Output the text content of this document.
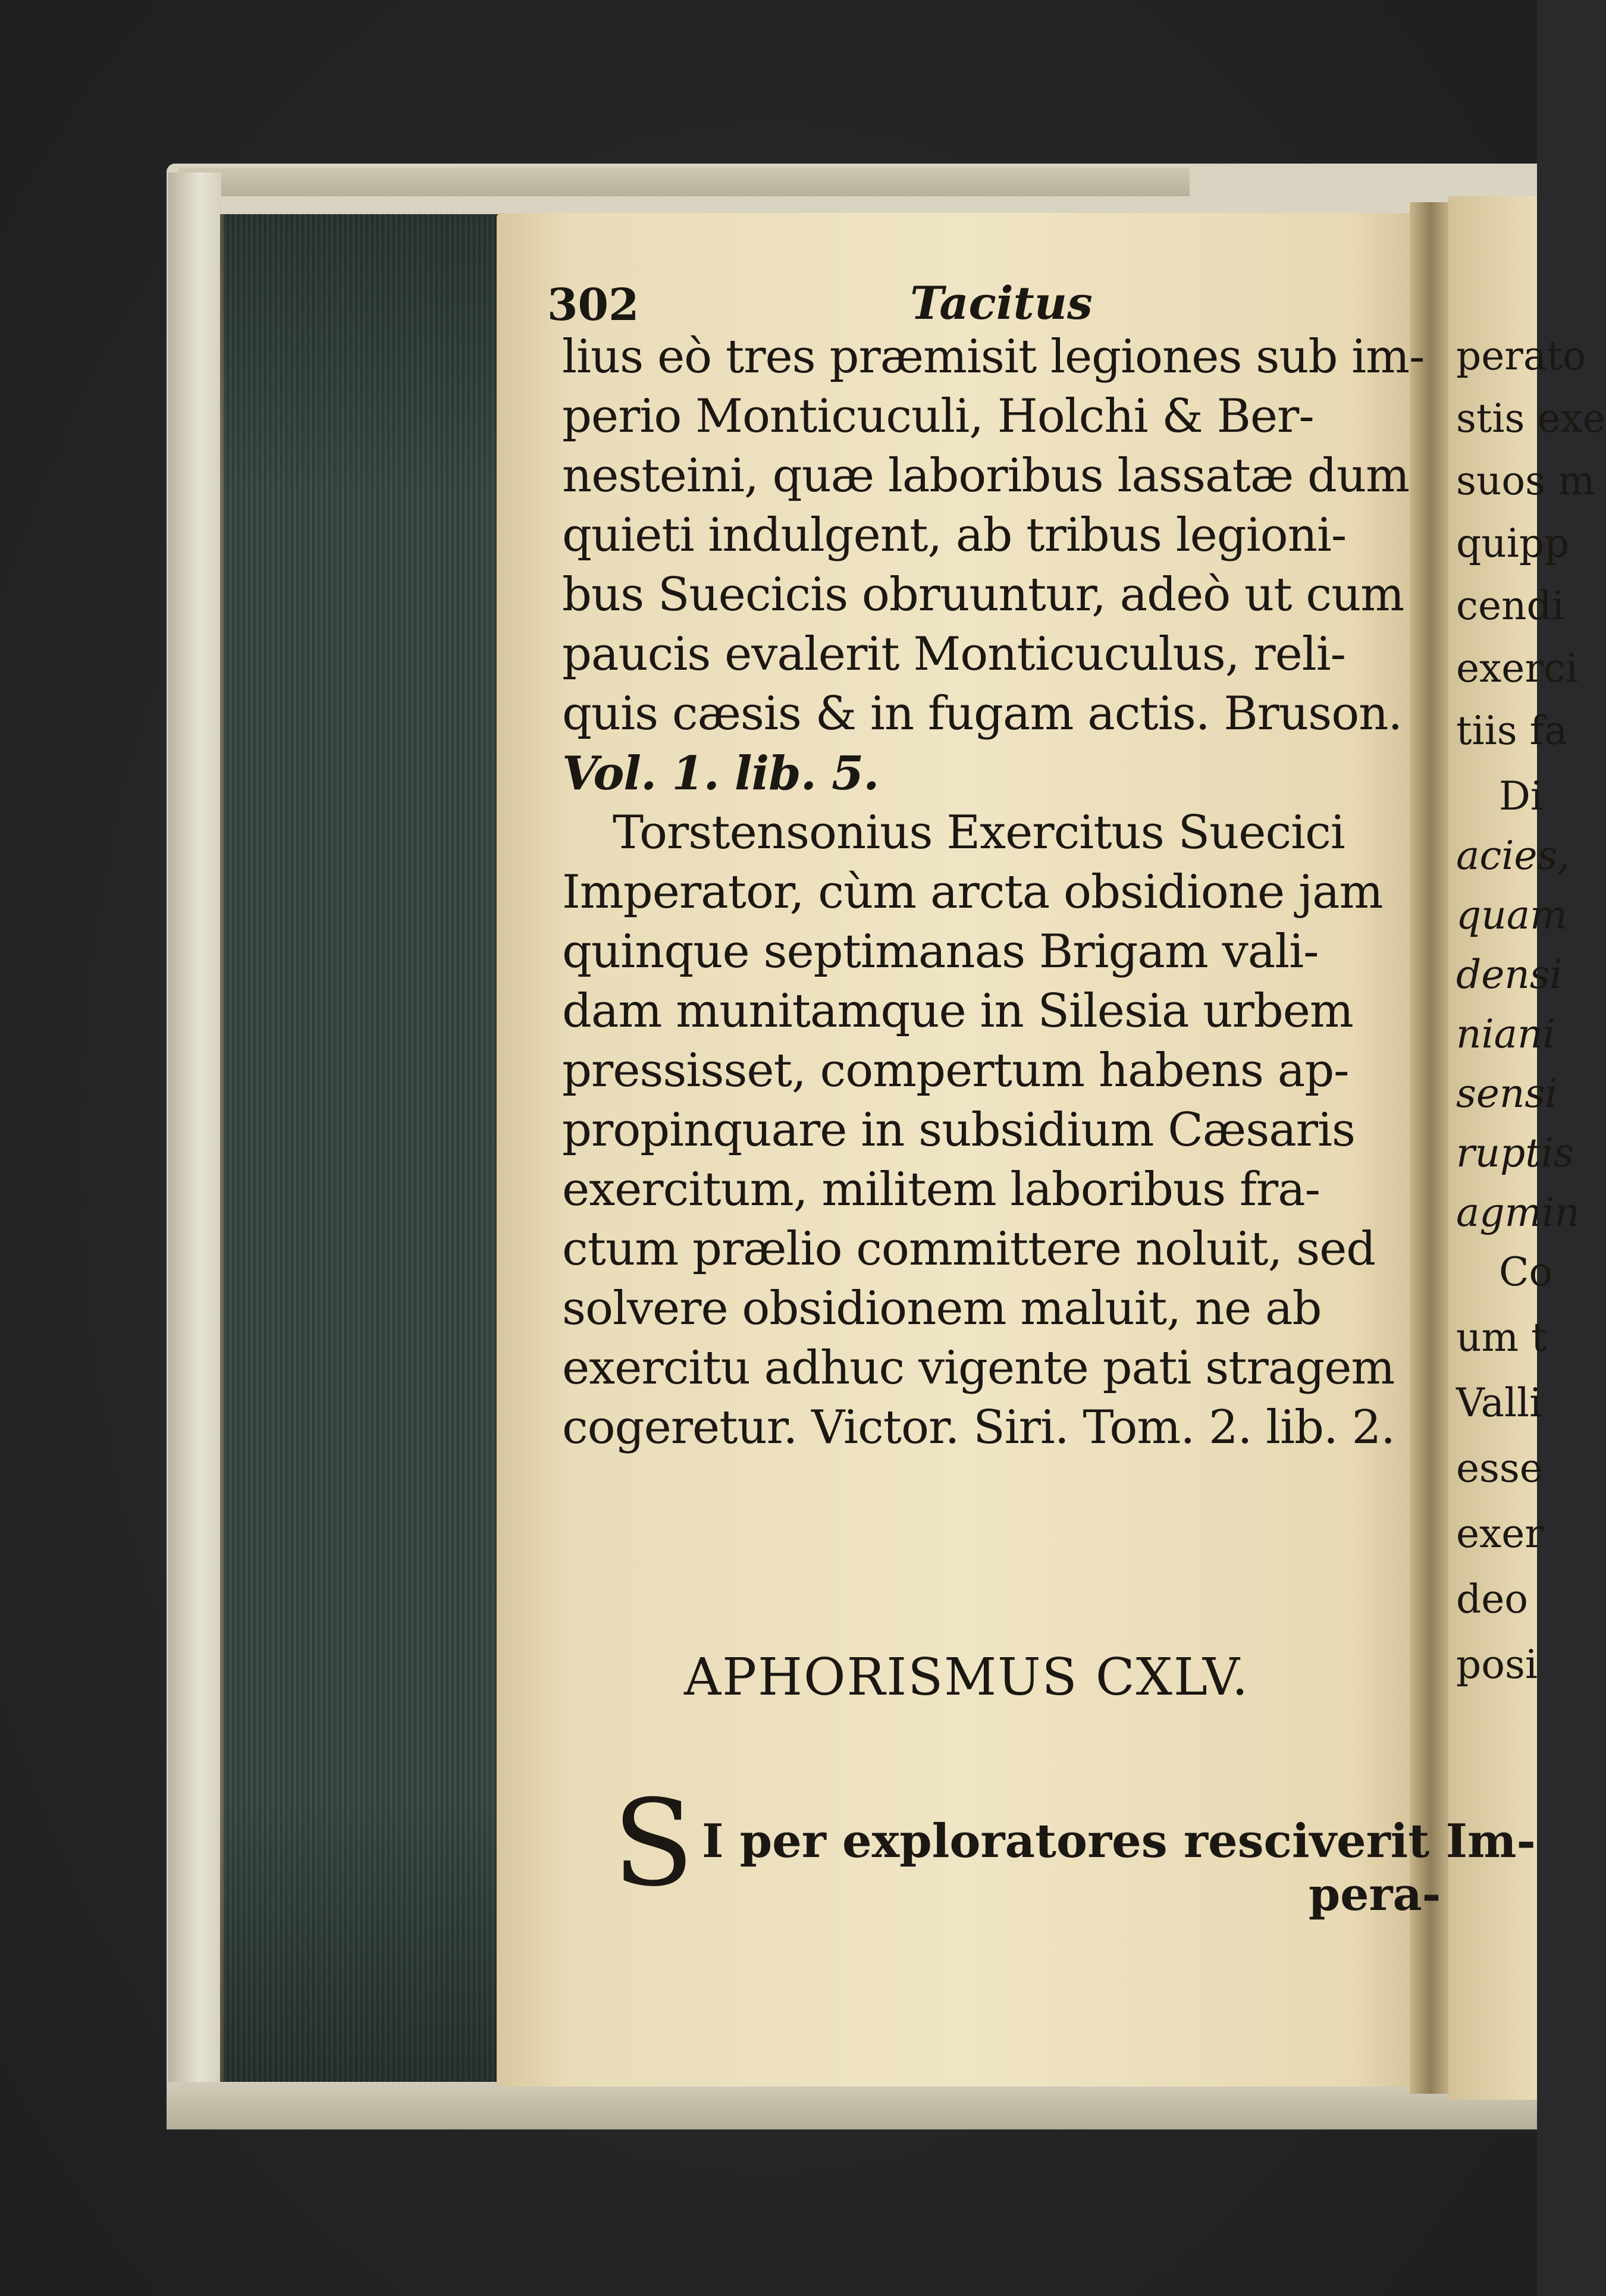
302	Tacitus
lius eò tres præmisit legiones sub im-
perio Monticuculi, Holchi & Ber-
nesteini, quæ laboribus lassatæ dum
quieti indulgent, ab tribus legioni-
bus Suecicis obruuntur, adeò ut cum
paucis evalerit Monticuculus, reli-
quis cæsis & in fugam actis. Bruson.
Vol. 1. lib. 5.
Torstensonius Exercitus Suecici
Imperator, cùm arcta obsidione jam
quinque septimanas Brigam vali-
dam munitamque in Silesia urbem
pressisset, compertum habens ap-
propinquare in subsidium Cæsaris
exercitum, militem laboribus fra-
ctum prælio committere noluit, sed
solvere obsidionem maluit, ne ab
exercitu adhuc vigente pati stragem
cogeretur. Victor. Siri. Tom. 2. lib. 2.
APHORISMUS CXLV.
S I per exploratores resciverit Im-
pera-
perato
stis exe
suos m
quipp
cendi
exerci
tiis fa
Di
acies,
quam
densi
niani
sensi
ruptis
agmin
Co
um t
Valli
esse
exer
deo
posi
